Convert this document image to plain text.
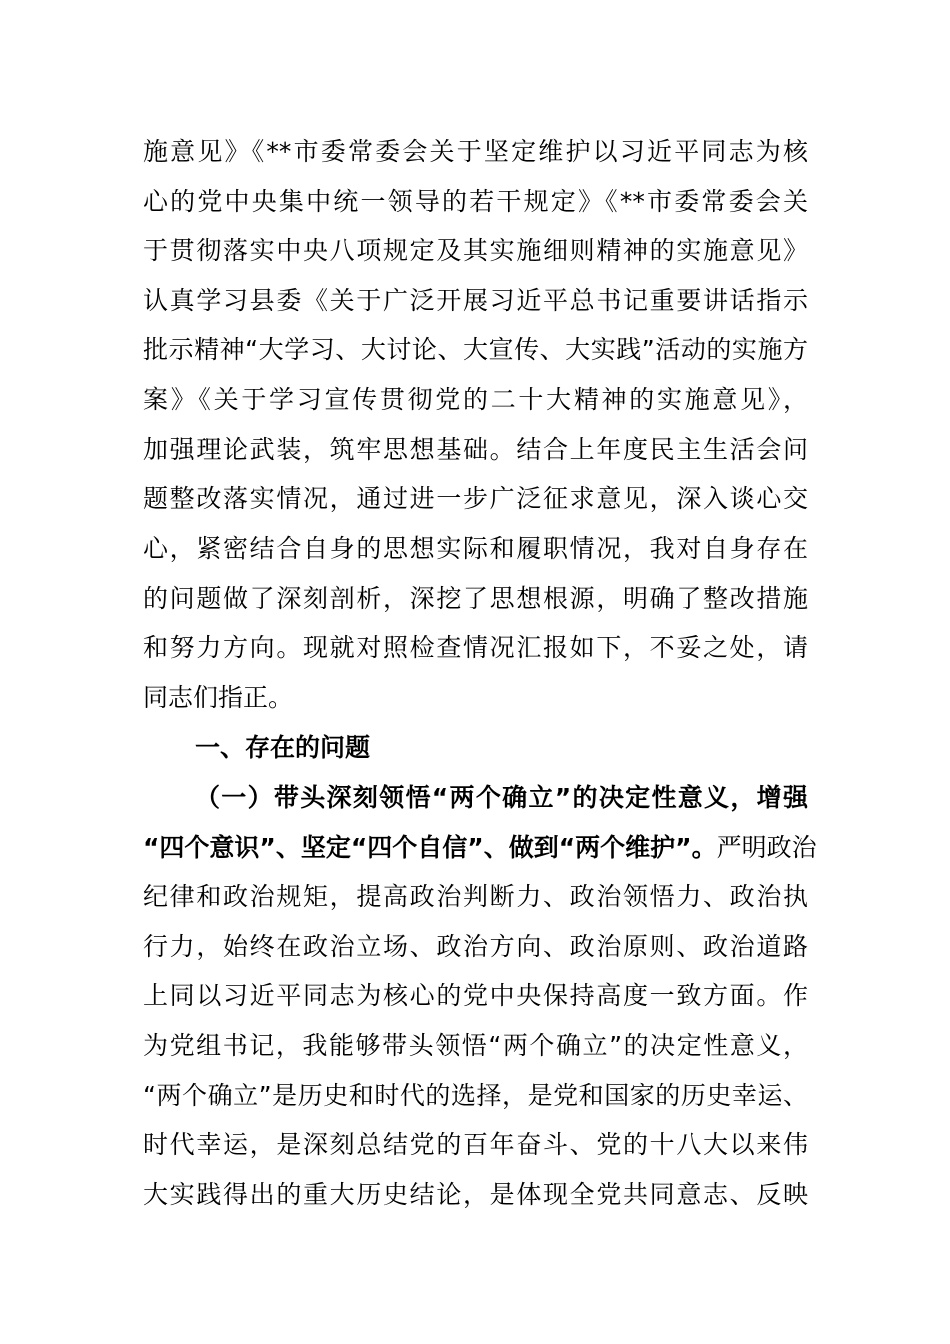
施意见》《**市委常委会关于坚定维护以习近平同志为核
心的党中央集中统一领导的若干规定》《**市委常委会关
于贯彻落实中央八项规定及其实施细则精神的实施意见》
认真学习县委《关于广泛开展习近平总书记重要讲话指示
批示精神“大学习、大讨论、大宣传、大实践”活动的实施方
案》《关于学习宣传贯彻党的二十大精神的实施意见》，
加强理论武装，筑牢思想基础。结合上年度民主生活会问
题整改落实情况，通过进一步广泛征求意见，深入谈心交
心，紧密结合自身的思想实际和履职情况，我对自身存在
的问题做了深刻剖析，深挖了思想根源，明确了整改措施
和努力方向。现就对照检查情况汇报如下，不妥之处，请
同志们指正。
一、存在的问题
（一）带头深刻领悟“两个确立”的决定性意义，增强
“四个意识”、坚定“四个自信”、做到“两个维护”。严明政治
纪律和政治规矩，提高政治判断力、政治领悟力、政治执
行力，始终在政治立场、政治方向、政治原则、政治道路
上同以习近平同志为核心的党中央保持高度一致方面。作
为党组书记，我能够带头领悟“两个确立”的决定性意义，
“两个确立”是历史和时代的选择，是党和国家的历史幸运、
时代幸运，是深刻总结党的百年奋斗、党的十八大以来伟
大实践得出的重大历史结论，是体现全党共同意志、反映
